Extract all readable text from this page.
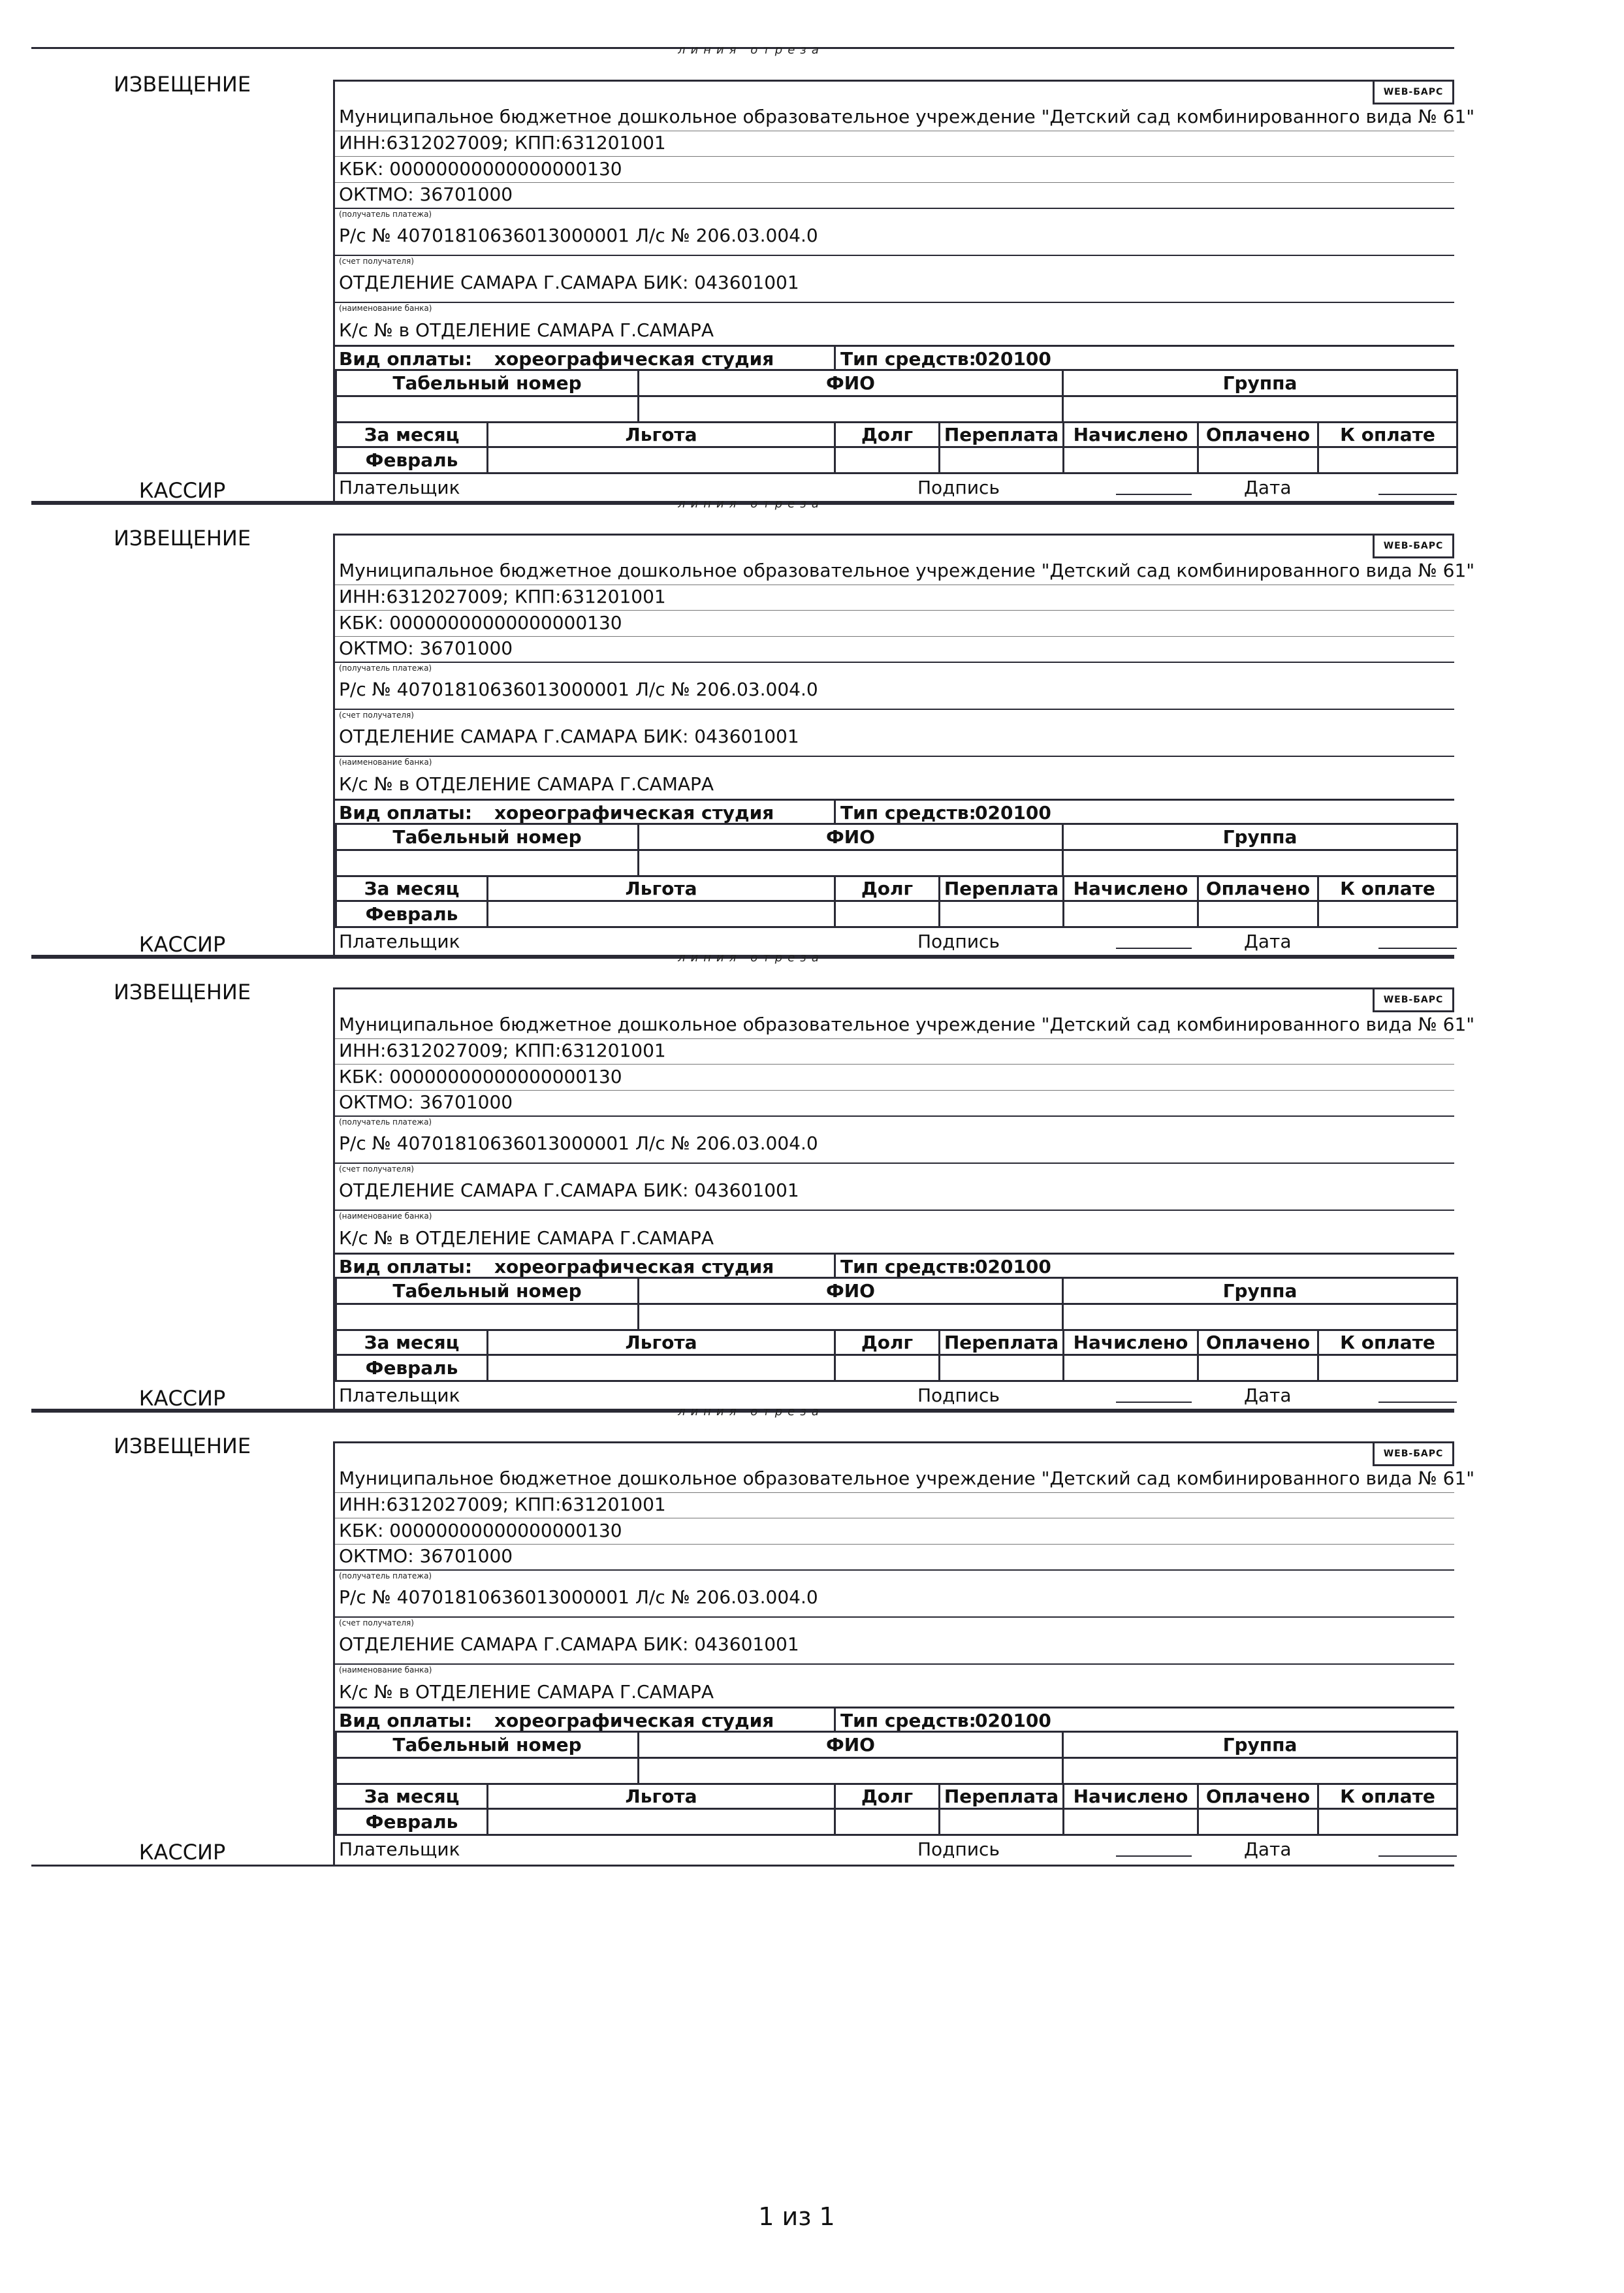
линия отреза
ИЗВЕЩЕНИЕ
КАССИР
WEB-БАРС
Муниципальное бюджетное дошкольное образовательное учреждение "Детский сад комбинированного вида № 61"
ИНН:6312027009; КПП:631201001
КБК: 00000000000000000130
ОКТМО: 36701000
(получатель платежа)
Р/с № 40701810636013000001 Л/с № 206.03.004.0
(счет получателя)
ОТДЕЛЕНИЕ САМАРА Г.САМАРА БИК: 043601001
(наименование банка)
К/с № в ОТДЕЛЕНИЕ САМАРА Г.САМАРА
Вид оплаты: хореографическая студия	Тип средств:
020100
Табельный номер	ФИО	Группа

За месяц	Льгота	Долг	Переплата	Начислено	Оплачено	К оплате
Февраль						
Плательщик	Подпись	Дата
линия отреза
ИЗВЕЩЕНИЕ
КАССИР
WEB-БАРС
Муниципальное бюджетное дошкольное образовательное учреждение "Детский сад комбинированного вида № 61"
ИНН:6312027009; КПП:631201001
КБК: 00000000000000000130
ОКТМО: 36701000
(получатель платежа)
Р/с № 40701810636013000001 Л/с № 206.03.004.0
(счет получателя)
ОТДЕЛЕНИЕ САМАРА Г.САМАРА БИК: 043601001
(наименование банка)
К/с № в ОТДЕЛЕНИЕ САМАРА Г.САМАРА
Вид оплаты: хореографическая студия	Тип средств:
020100
Табельный номер	ФИО	Группа

За месяц	Льгота	Долг	Переплата	Начислено	Оплачено	К оплате
Февраль						
Плательщик	Подпись	Дата
линия отреза
ИЗВЕЩЕНИЕ
КАССИР
WEB-БАРС
Муниципальное бюджетное дошкольное образовательное учреждение "Детский сад комбинированного вида № 61"
ИНН:6312027009; КПП:631201001
КБК: 00000000000000000130
ОКТМО: 36701000
(получатель платежа)
Р/с № 40701810636013000001 Л/с № 206.03.004.0
(счет получателя)
ОТДЕЛЕНИЕ САМАРА Г.САМАРА БИК: 043601001
(наименование банка)
К/с № в ОТДЕЛЕНИЕ САМАРА Г.САМАРА
Вид оплаты: хореографическая студия	Тип средств:
020100
Табельный номер	ФИО	Группа

За месяц	Льгота	Долг	Переплата	Начислено	Оплачено	К оплате
Февраль						
Плательщик	Подпись	Дата
линия отреза
ИЗВЕЩЕНИЕ
КАССИР
WEB-БАРС
Муниципальное бюджетное дошкольное образовательное учреждение "Детский сад комбинированного вида № 61"
ИНН:6312027009; КПП:631201001
КБК: 00000000000000000130
ОКТМО: 36701000
(получатель платежа)
Р/с № 40701810636013000001 Л/с № 206.03.004.0
(счет получателя)
ОТДЕЛЕНИЕ САМАРА Г.САМАРА БИК: 043601001
(наименование банка)
К/с № в ОТДЕЛЕНИЕ САМАРА Г.САМАРА
Вид оплаты: хореографическая студия	Тип средств:
020100
Табельный номер	ФИО	Группа

За месяц	Льгота	Долг	Переплата	Начислено	Оплачено	К оплате
Февраль						
Плательщик	Подпись	Дата
1 из 1
